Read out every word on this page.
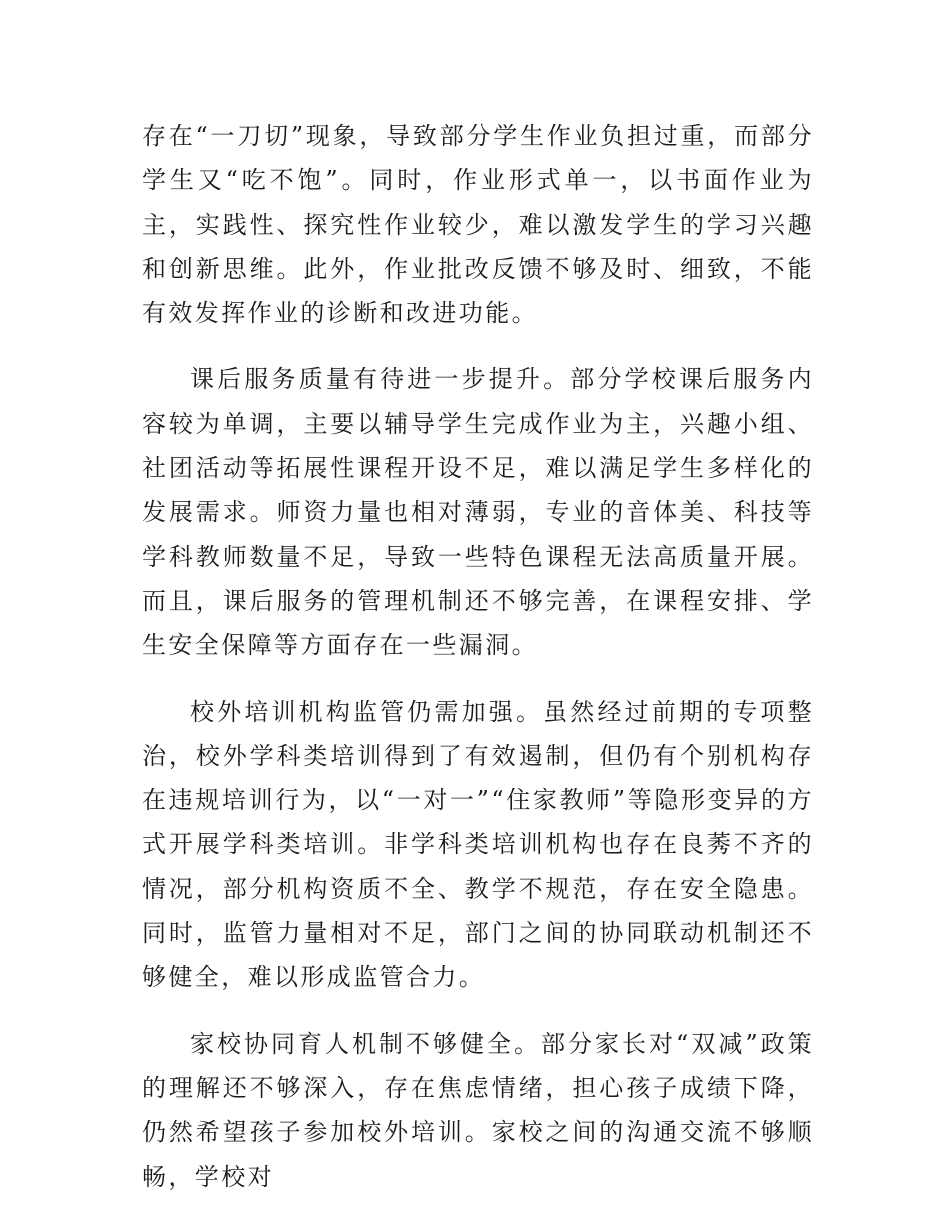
存在“一刀切”现象，导致部分学生作业负担过重，而部分学生又“吃不饱”。同时，作业形式单一，以书面作业为主，实践性、探究性作业较少，难以激发学生的学习兴趣和创新思维。此外，作业批改反馈不够及时、细致，不能有效发挥作业的诊断和改进功能。

课后服务质量有待进一步提升。部分学校课后服务内容较为单调，主要以辅导学生完成作业为主，兴趣小组、社团活动等拓展性课程开设不足，难以满足学生多样化的发展需求。师资力量也相对薄弱，专业的音体美、科技等学科教师数量不足，导致一些特色课程无法高质量开展。而且，课后服务的管理机制还不够完善，在课程安排、学生安全保障等方面存在一些漏洞。

校外培训机构监管仍需加强。虽然经过前期的专项整治，校外学科类培训得到了有效遏制，但仍有个别机构存在违规培训行为，以“一对一”“住家教师”等隐形变异的方式开展学科类培训。非学科类培训机构也存在良莠不齐的情况，部分机构资质不全、教学不规范，存在安全隐患。同时，监管力量相对不足，部门之间的协同联动机制还不够健全，难以形成监管合力。

家校协同育人机制不够健全。部分家长对“双减”政策的理解还不够深入，存在焦虑情绪，担心孩子成绩下降，仍然希望孩子参加校外培训。家校之间的沟通交流不够顺畅，学校对
